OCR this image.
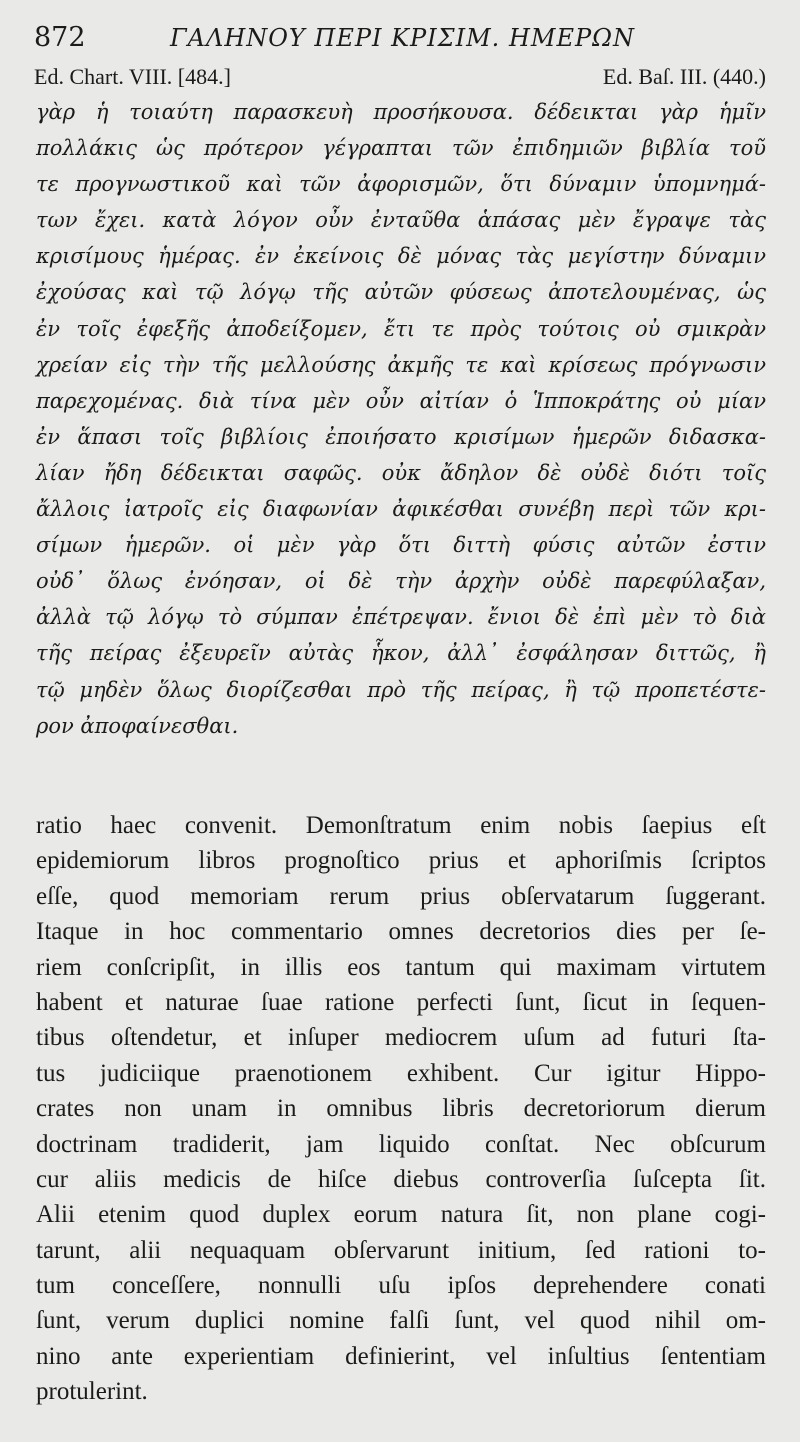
872	ΓΑΛΗΝΟΥ ΠΕΡΙ ΚΡΙΣΙΜ. ΗΜΕΡΩΝ
Ed. Chart. VIII. [484.]	Ed. Baſ. III. (440.)
γὰρ ἡ τοιαύτη παρασκευὴ προσήκουσα. δέδεικται γὰρ ἡμῖν
πολλάκις ὡς πρότερον γέγραπται τῶν ἐπιδημιῶν βιβλία τοῦ
τε προγνωστικοῦ καὶ τῶν ἀφορισμῶν, ὅτι δύναμιν ὑπομνημά-
των ἔχει. κατὰ λόγον οὖν ἐνταῦθα ἁπάσας μὲν ἔγραψε τὰς
κρισίμους ἡμέρας. ἐν ἐκείνοις δὲ μόνας τὰς μεγίστην δύναμιν
ἐχούσας καὶ τῷ λόγῳ τῆς αὐτῶν φύσεως ἀποτελουμένας, ὡς
ἐν τοῖς ἐφεξῆς ἀποδείξομεν, ἔτι τε πρὸς τούτοις οὐ σμικρὰν
χρείαν εἰς τὴν τῆς μελλούσης ἀκμῆς τε καὶ κρίσεως πρόγνωσιν
παρεχομένας. διὰ τίνα μὲν οὖν αἰτίαν ὁ Ἱπποκράτης οὐ μίαν
ἐν ἅπασι τοῖς βιβλίοις ἐποιήσατο κρισίμων ἡμερῶν διδασκα-
λίαν ἤδη δέδεικται σαφῶς. οὐκ ἄδηλον δὲ οὐδὲ διότι τοῖς
ἄλλοις ἰατροῖς εἰς διαφωνίαν ἀφικέσθαι συνέβη περὶ τῶν κρι-
σίμων ἡμερῶν. οἱ μὲν γὰρ ὅτι διττὴ φύσις αὐτῶν ἐστιν
οὐδ᾽ ὅλως ἐνόησαν, οἱ δὲ τὴν ἀρχὴν οὐδὲ παρεφύλαξαν,
ἀλλὰ τῷ λόγῳ τὸ σύμπαν ἐπέτρεψαν. ἔνιοι δὲ ἐπὶ μὲν τὸ διὰ
τῆς πείρας ἐξευρεῖν αὐτὰς ἧκον, ἀλλ᾽ ἐσφάλησαν διττῶς, ἢ
τῷ μηδὲν ὅλως διορίζεσθαι πρὸ τῆς πείρας, ἢ τῷ προπετέστε-
ρον ἀποφαίνεσθαι.
ratio haec convenit. Demonſtratum enim nobis ſaepius eſt
epidemiorum libros prognoſtico prius et aphoriſmis ſcriptos
eſſe, quod memoriam rerum prius obſervatarum ſuggerant.
Itaque in hoc commentario omnes decretorios dies per ſe-
riem conſcripſit, in illis eos tantum qui maximam virtutem
habent et naturae ſuae ratione perfecti ſunt, ſicut in ſequen-
tibus oſtendetur, et inſuper mediocrem uſum ad futuri ſta-
tus judiciique praenotionem exhibent. Cur igitur Hippo-
crates non unam in omnibus libris decretoriorum dierum
doctrinam tradiderit, jam liquido conſtat. Nec obſcurum
cur aliis medicis de hiſce diebus controverſia ſuſcepta ſit.
Alii etenim quod duplex eorum natura ſit, non plane cogi-
tarunt, alii nequaquam obſervarunt initium, ſed rationi to-
tum conceſſere, nonnulli uſu ipſos deprehendere conati
ſunt, verum duplici nomine falſi ſunt, vel quod nihil om-
nino ante experientiam definierint, vel inſultius ſententiam
protulerint.
